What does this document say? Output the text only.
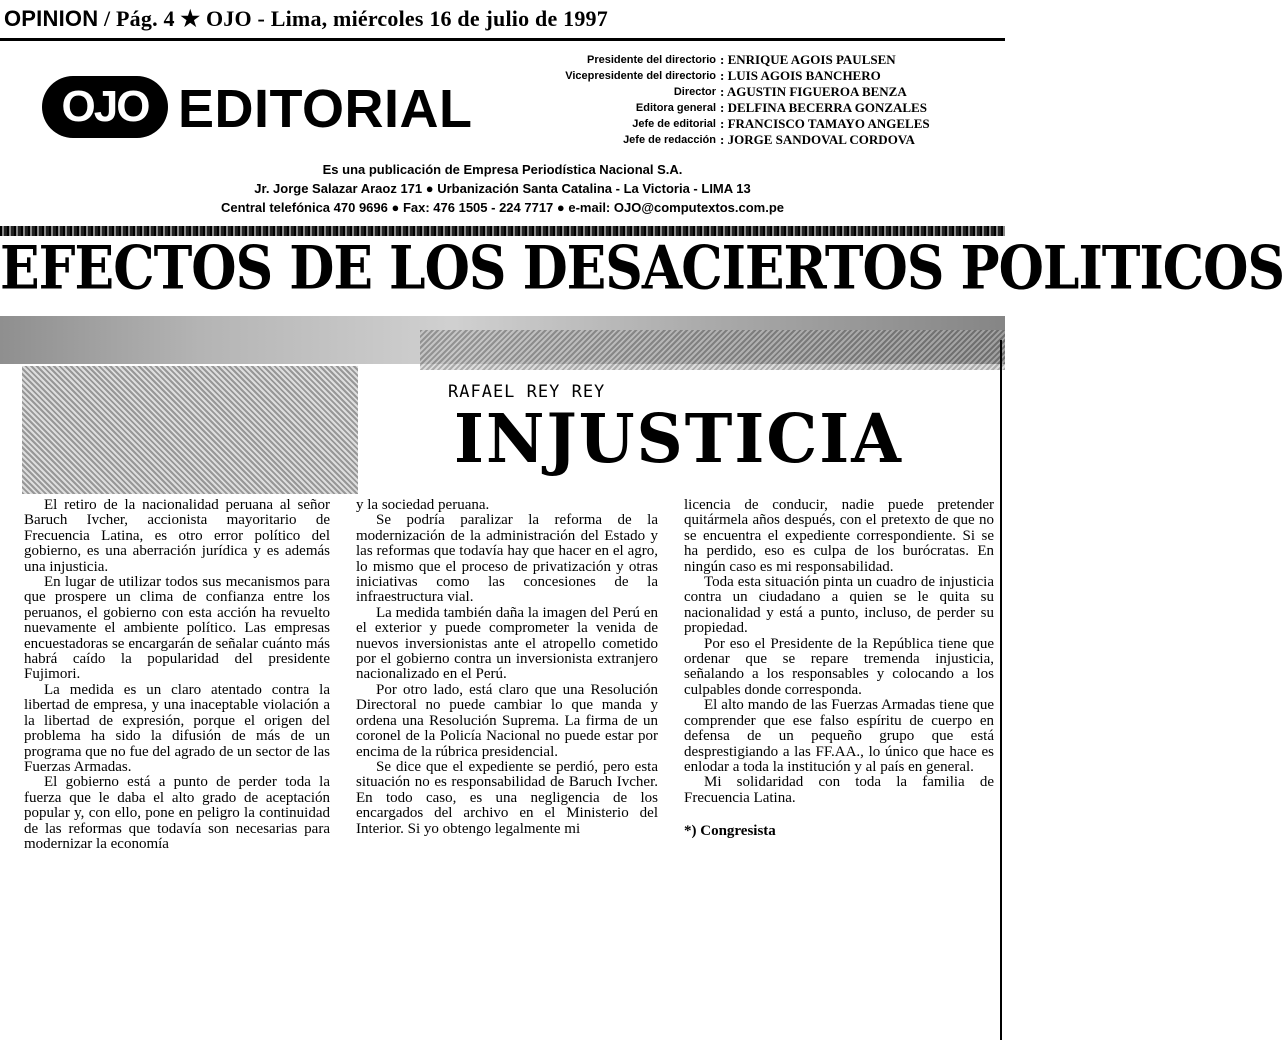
OPINION / Pág. 4 ★ OJO - Lima, miércoles 16 de julio de 1997
OJO EDITORIAL
Presidente del directorio : ENRIQUE AGOIS PAULSEN
Vicepresidente del directorio : LUIS AGOIS BANCHERO
Director : AGUSTIN FIGUEROA BENZA
Editora general : DELFINA BECERRA GONZALES
Jefe de editorial : FRANCISCO TAMAYO ANGELES
Jefe de redacción : JORGE SANDOVAL CORDOVA
Es una publicación de Empresa Periodística Nacional S.A.
Jr. Jorge Salazar Araoz 171 ● Urbanización Santa Catalina - La Victoria - LIMA 13
Central telefónica 470 9696 ● Fax: 476 1505 - 224 7717 ● e-mail: OJO@computextos.com.pe
EFECTOS DE LOS DESACIERTOS POLITICOS
RAFAEL REY REY
INJUSTICIA

El retiro de la nacionalidad peruana al señor Baruch Ivcher, accionista mayoritario de Frecuencia Latina, es otro error político del gobierno, es una aberración jurídica y es además una injusticia.

En lugar de utilizar todos sus mecanismos para que prospere un clima de confianza entre los peruanos, el gobierno con esta acción ha revuelto nuevamente el ambiente político. Las empresas encuestadoras se encargarán de señalar cuánto más habrá caído la popularidad del presidente Fujimori.

La medida es un claro atentado contra la libertad de empresa, y una inaceptable violación a la libertad de expresión, porque el origen del problema ha sido la difusión de más de un programa que no fue del agrado de un sector de las Fuerzas Armadas.

El gobierno está a punto de perder toda la fuerza que le daba el alto grado de aceptación popular y, con ello, pone en peligro la continuidad de las reformas que todavía son necesarias para modernizar la economía

y la sociedad peruana.

Se podría paralizar la reforma de la modernización de la administración del Estado y las reformas que todavía hay que hacer en el agro, lo mismo que el proceso de privatización y otras iniciativas como las concesiones de la infraestructura vial.

La medida también daña la imagen del Perú en el exterior y puede comprometer la venida de nuevos inversionistas ante el atropello cometido por el gobierno contra un inversionista extranjero nacionalizado en el Perú.

Por otro lado, está claro que una Resolución Directoral no puede cambiar lo que manda y ordena una Resolución Suprema. La firma de un coronel de la Policía Nacional no puede estar por encima de la rúbrica presidencial.

Se dice que el expediente se perdió, pero esta situación no es responsabilidad de Baruch Ivcher. En todo caso, es una negligencia de los encargados del archivo en el Ministerio del Interior. Si yo obtengo legalmente mi

licencia de conducir, nadie puede pretender quitármela años después, con el pretexto de que no se encuentra el expediente correspondiente. Si se ha perdido, eso es culpa de los burócratas. En ningún caso es mi responsabilidad.

Toda esta situación pinta un cuadro de injusticia contra un ciudadano a quien se le quita su nacionalidad y está a punto, incluso, de perder su propiedad.

Por eso el Presidente de la República tiene que ordenar que se repare tremenda injusticia, señalando a los responsables y colocando a los culpables donde corresponda.

El alto mando de las Fuerzas Armadas tiene que comprender que ese falso espíritu de cuerpo en defensa de un pequeño grupo que está desprestigiando a las FF.AA., lo único que hace es enlodar a toda la institución y al país en general.

Mi solidaridad con toda la familia de Frecuencia Latina.

*) Congresista
